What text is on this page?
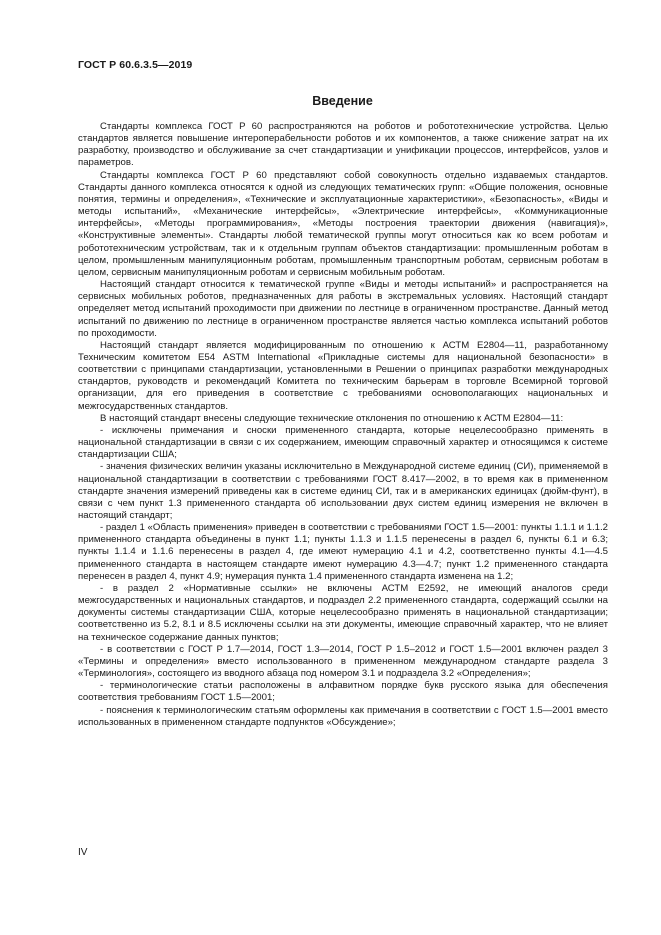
ГОСТ Р 60.6.3.5—2019
Введение

Стандарты комплекса ГОСТ Р 60 распространяются на роботов и робототехнические устройства. Целью стандартов является повышение интероперабельности роботов и их компонентов, а также снижение затрат на их разработку, производство и обслуживание за счет стандартизации и унификации процессов, интерфейсов, узлов и параметров.

Стандарты комплекса ГОСТ Р 60 представляют собой совокупность отдельно издаваемых стандартов. Стандарты данного комплекса относятся к одной из следующих тематических групп: «Общие положения, основные понятия, термины и определения», «Технические и эксплуатационные характеристики», «Безопасность», «Виды и методы испытаний», «Механические интерфейсы», «Электрические интерфейсы», «Коммуникационные интерфейсы», «Методы программирования», «Методы построения траектории движения (навигация)», «Конструктивные элементы». Стандарты любой тематической группы могут относиться как ко всем роботам и робототехническим устройствам, так и к отдельным группам объектов стандартизации: промышленным роботам в целом, промышленным манипуляционным роботам, промышленным транспортным роботам, сервисным роботам в целом, сервисным манипуляционным роботам и сервисным мобильным роботам.

Настоящий стандарт относится к тематической группе «Виды и методы испытаний» и распространяется на сервисных мобильных роботов, предназначенных для работы в экстремальных условиях. Настоящий стандарт определяет метод испытаний проходимости при движении по лестнице в ограниченном пространстве. Данный метод испытаний по движению по лестнице в ограниченном пространстве является частью комплекса испытаний роботов по проходимости.

Настоящий стандарт является модифицированным по отношению к АСТМ Е2804—11, разработанному Техническим комитетом Е54 ASTM International «Прикладные системы для национальной безопасности» в соответствии с принципами стандартизации, установленными в Решении о принципах разработки международных стандартов, руководств и рекомендаций Комитета по техническим барьерам в торговле Всемирной торговой организации, для его приведения в соответствие с требованиями основополагающих национальных и межгосударственных стандартов.

В настоящий стандарт внесены следующие технические отклонения по отношению к АСТМ Е2804—11:

- исключены примечания и сноски примененного стандарта, которые нецелесообразно применять в национальной стандартизации в связи с их содержанием, имеющим справочный характер и относящимся к системе стандартизации США;

- значения физических величин указаны исключительно в Международной системе единиц (СИ), применяемой в национальной стандартизации в соответствии с требованиями ГОСТ 8.417—2002, в то время как в примененном стандарте значения измерений приведены как в системе единиц СИ, так и в американских единицах (дюйм-фунт), в связи с чем пункт 1.3 примененного стандарта об использовании двух систем единиц измерения не включен в настоящий стандарт;

- раздел 1 «Область применения» приведен в соответствии с требованиями ГОСТ 1.5—2001: пункты 1.1.1 и 1.1.2 примененного стандарта объединены в пункт 1.1; пункты 1.1.3 и 1.1.5 перенесены в раздел 6, пункты 6.1 и 6.3; пункты 1.1.4 и 1.1.6 перенесены в раздел 4, где имеют нумерацию 4.1 и 4.2, соответственно пункты 4.1—4.5 примененного стандарта в настоящем стандарте имеют нумерацию 4.3—4.7; пункт 1.2 примененного стандарта перенесен в раздел 4, пункт 4.9; нумерация пункта 1.4 примененного стандарта изменена на 1.2;

- в раздел 2 «Нормативные ссылки» не включены АСТМ Е2592, не имеющий аналогов среди межгосударственных и национальных стандартов, и подраздел 2.2 примененного стандарта, содержащий ссылки на документы системы стандартизации США, которые нецелесообразно применять в национальной стандартизации; соответственно из 5.2, 8.1 и 8.5 исключены ссылки на эти документы, имеющие справочный характер, что не влияет на техническое содержание данных пунктов;

- в соответствии с ГОСТ Р 1.7—2014, ГОСТ 1.3—2014, ГОСТ Р 1.5–2012 и ГОСТ 1.5—2001 включен раздел 3 «Термины и определения» вместо использованного в примененном международном стандарте раздела 3 «Терминология», состоящего из вводного абзаца под номером 3.1 и подраздела 3.2 «Определения»;

- терминологические статьи расположены в алфавитном порядке букв русского языка для обеспечения соответствия требованиям ГОСТ 1.5—2001;

- пояснения к терминологическим статьям оформлены как примечания в соответствии с ГОСТ 1.5—2001 вместо использованных в примененном стандарте подпунктов «Обсуждение»;

IV
